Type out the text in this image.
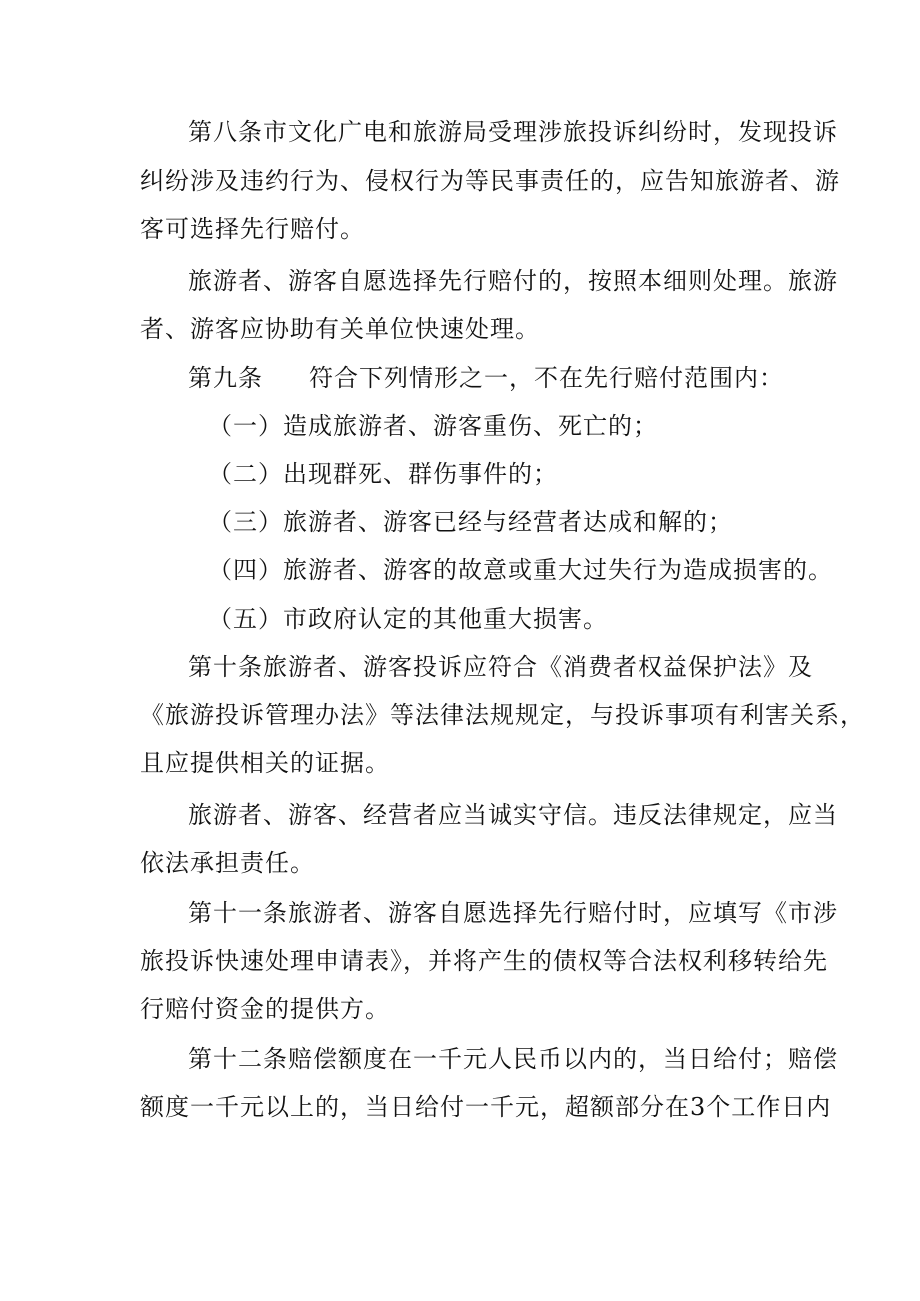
第八条市文化广电和旅游局受理涉旅投诉纠纷时，发现投诉
纠纷涉及违约行为、侵权行为等民事责任的，应告知旅游者、游
客可选择先行赔付。
旅游者、游客自愿选择先行赔付的，按照本细则处理。旅游
者、游客应协助有关单位快速处理。
第九条 符合下列情形之一，不在先行赔付范围内：
（一）造成旅游者、游客重伤、死亡的；
（二）出现群死、群伤事件的；
（三）旅游者、游客已经与经营者达成和解的；
（四）旅游者、游客的故意或重大过失行为造成损害的。
（五）市政府认定的其他重大损害。
第十条旅游者、游客投诉应符合《消费者权益保护法》及
《旅游投诉管理办法》等法律法规规定，与投诉事项有利害关系，
且应提供相关的证据。
旅游者、游客、经营者应当诚实守信。违反法律规定，应当
依法承担责任。
第十一条旅游者、游客自愿选择先行赔付时，应填写《市涉
旅投诉快速处理申请表》，并将产生的债权等合法权利移转给先
行赔付资金的提供方。
第十二条赔偿额度在一千元人民币以内的，当日给付；赔偿
额度一千元以上的，当日给付一千元，超额部分在3个工作日内
